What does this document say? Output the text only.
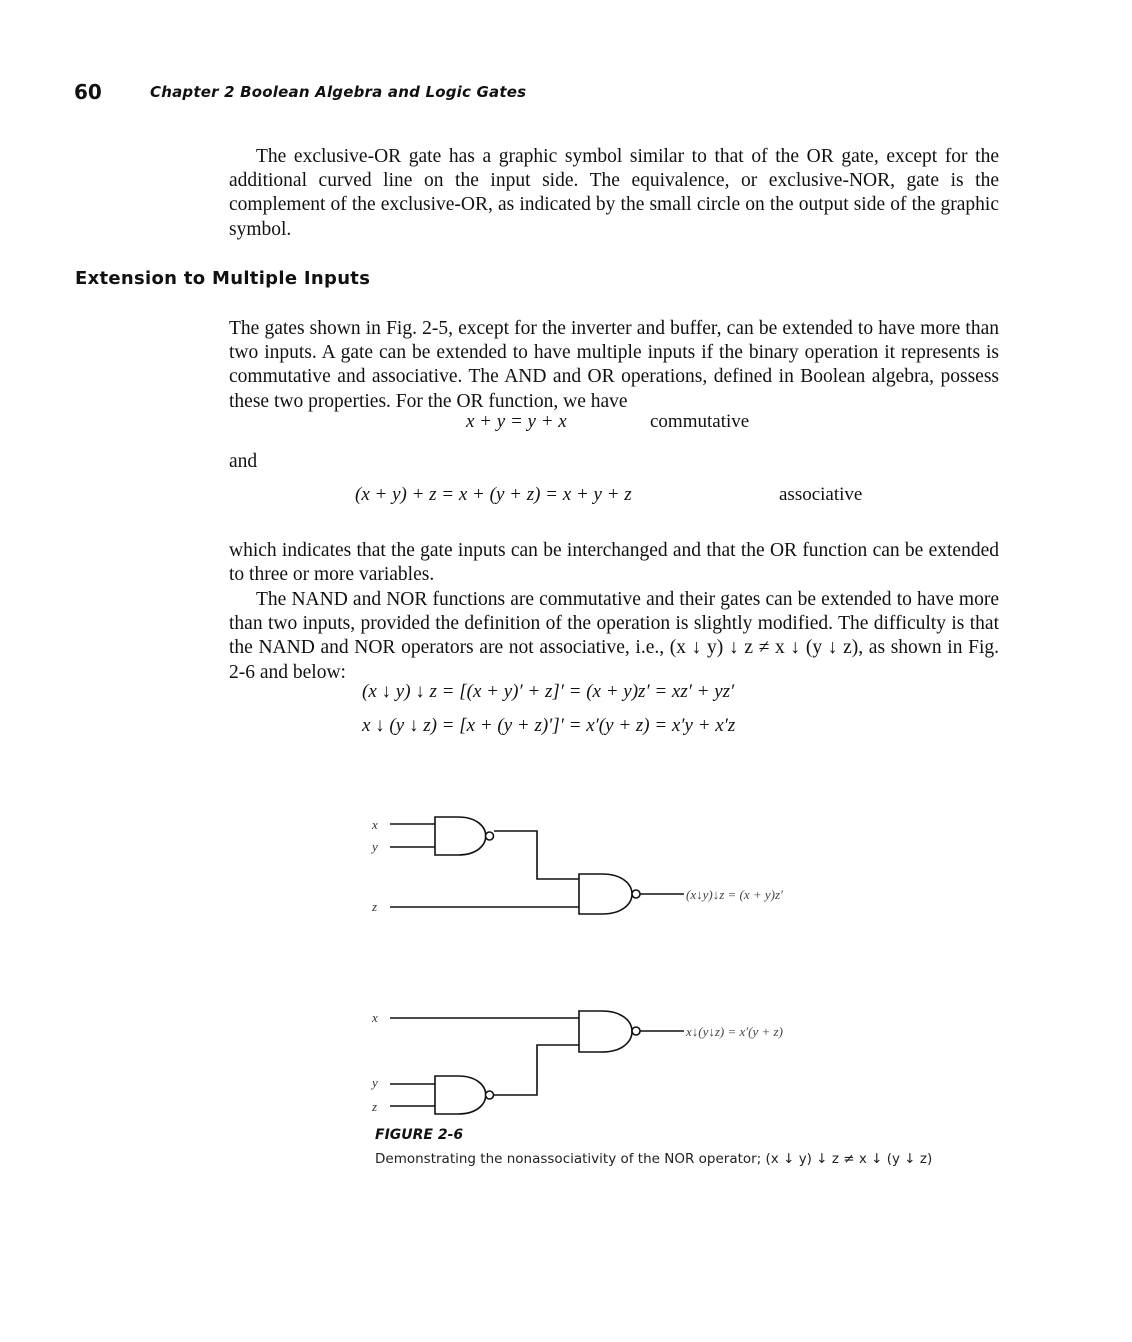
60	Chapter 2 Boolean Algebra and Logic Gates

The exclusive-OR gate has a graphic symbol similar to that of the OR gate, except for the additional curved line on the input side. The equivalence, or exclusive-NOR, gate is the complement of the exclusive-OR, as indicated by the small circle on the output side of the graphic symbol.

Extension to Multiple Inputs

The gates shown in Fig. 2-5, except for the inverter and buffer, can be extended to have more than two inputs. A gate can be extended to have multiple inputs if the binary operation it represents is commutative and associative. The AND and OR operations, defined in Boolean algebra, possess these two properties. For the OR function, we have

x + y = y + x	commutative
and
(x + y) + z = x + (y + z) = x + y + z	associative

which indicates that the gate inputs can be interchanged and that the OR function can be extended to three or more variables.

The NAND and NOR functions are commutative and their gates can be extended to have more than two inputs, provided the definition of the operation is slightly modified. The difficulty is that the NAND and NOR operators are not associative, i.e., (x ↓ y) ↓ z ≠ x ↓ (y ↓ z), as shown in Fig. 2-6 and below:

(x ↓ y) ↓ z = [(x + y)′ + z]′ = (x + y)z′ = xz′ + yz′
x ↓ (y ↓ z) = [x + (y + z)′]′ = x′(y + z) = x′y + x′z
x
y
z
(x↓y)↓z = (x + y)z′
x
y
z
x↓(y↓z) = x′(y + z)
FIGURE 2-6
Demonstrating the nonassociativity of the NOR operator; (x ↓ y) ↓ z ≠ x ↓ (y ↓ z)
